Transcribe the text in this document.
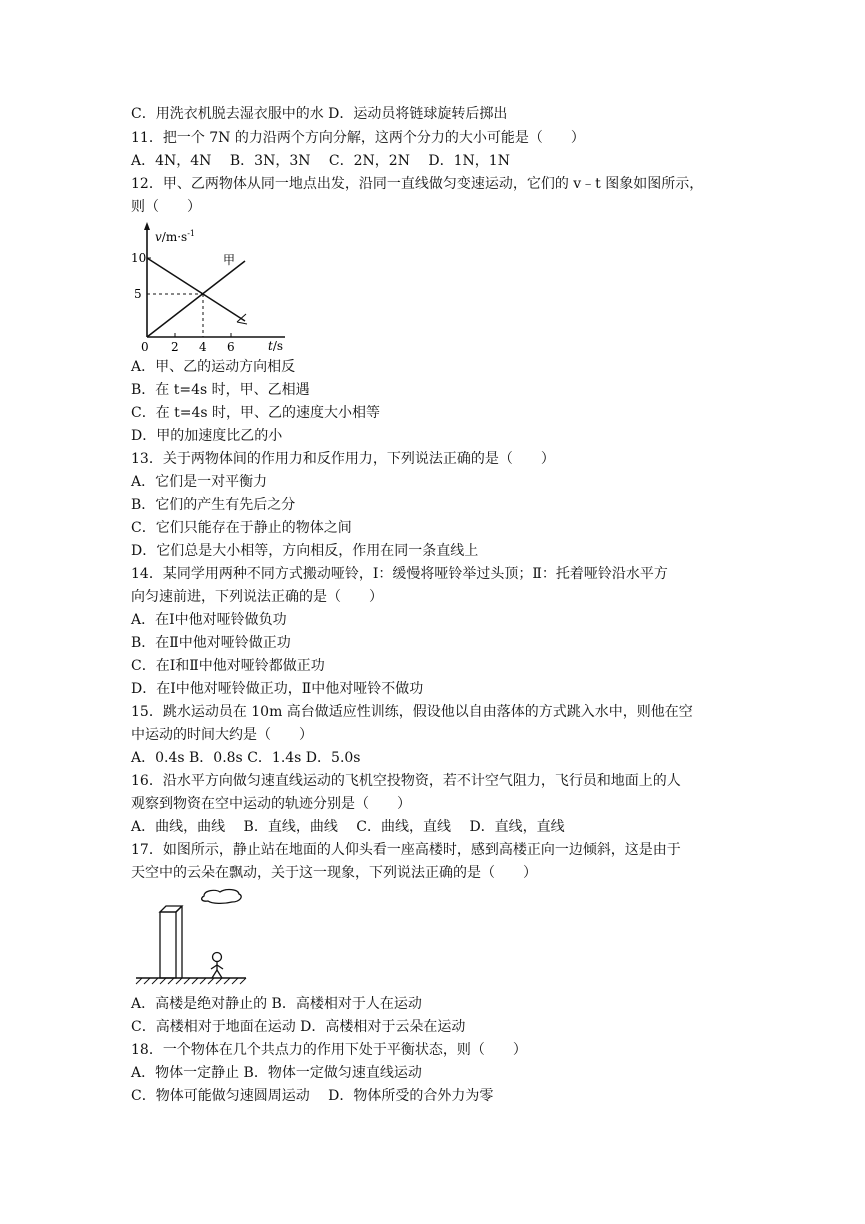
C．用洗衣机脱去湿衣服中的水 D．运动员将链球旋转后掷出
11．把一个 7N 的力沿两个方向分解，这两个分力的大小可能是（　　）
A．4N，4N　 B．3N，3N　 C．2N，2N　 D．1N，1N
12．甲、乙两物体从同一地点出发，沿同一直线做匀变速运动，它们的 v﹣t 图象如图所示，
则（　　）
$v/m\cdot s^{-1}$
10
5
甲
0 2 4 6	t/s
A．甲、乙的运动方向相反
B．在 t=4s 时，甲、乙相遇
C．在 t=4s 时，甲、乙的速度大小相等
D．甲的加速度比乙的小
13．关于两物体间的作用力和反作用力，下列说法正确的是（　　）
A．它们是一对平衡力
B．它们的产生有先后之分
C．它们只能存在于静止的物体之间
D．它们总是大小相等，方向相反，作用在同一条直线上
14．某同学用两种不同方式搬动哑铃，Ⅰ：缓慢将哑铃举过头顶；Ⅱ：托着哑铃沿水平方
向匀速前进，下列说法正确的是（　　）
A．在Ⅰ中他对哑铃做负功
B．在Ⅱ中他对哑铃做正功
C．在Ⅰ和Ⅱ中他对哑铃都做正功
D．在Ⅰ中他对哑铃做正功，Ⅱ中他对哑铃不做功
15．跳水运动员在 10m 高台做适应性训练，假设他以自由落体的方式跳入水中，则他在空
中运动的时间大约是（　　）
A．0.4s B．0.8s C．1.4s D．5.0s
16．沿水平方向做匀速直线运动的飞机空投物资，若不计空气阻力，飞行员和地面上的人
观察到物资在空中运动的轨迹分别是（　　）
A．曲线，曲线　 B．直线，曲线　 C．曲线，直线　 D．直线，直线
17．如图所示，静止站在地面的人仰头看一座高楼时，感到高楼正向一边倾斜，这是由于
天空中的云朵在飘动，关于这一现象，下列说法正确的是（　　）
A．高楼是绝对静止的 B．高楼相对于人在运动
C．高楼相对于地面在运动 D．高楼相对于云朵在运动
18．一个物体在几个共点力的作用下处于平衡状态，则（　　）
A．物体一定静止 B．物体一定做匀速直线运动
C．物体可能做匀速圆周运动　 D．物体所受的合外力为零
